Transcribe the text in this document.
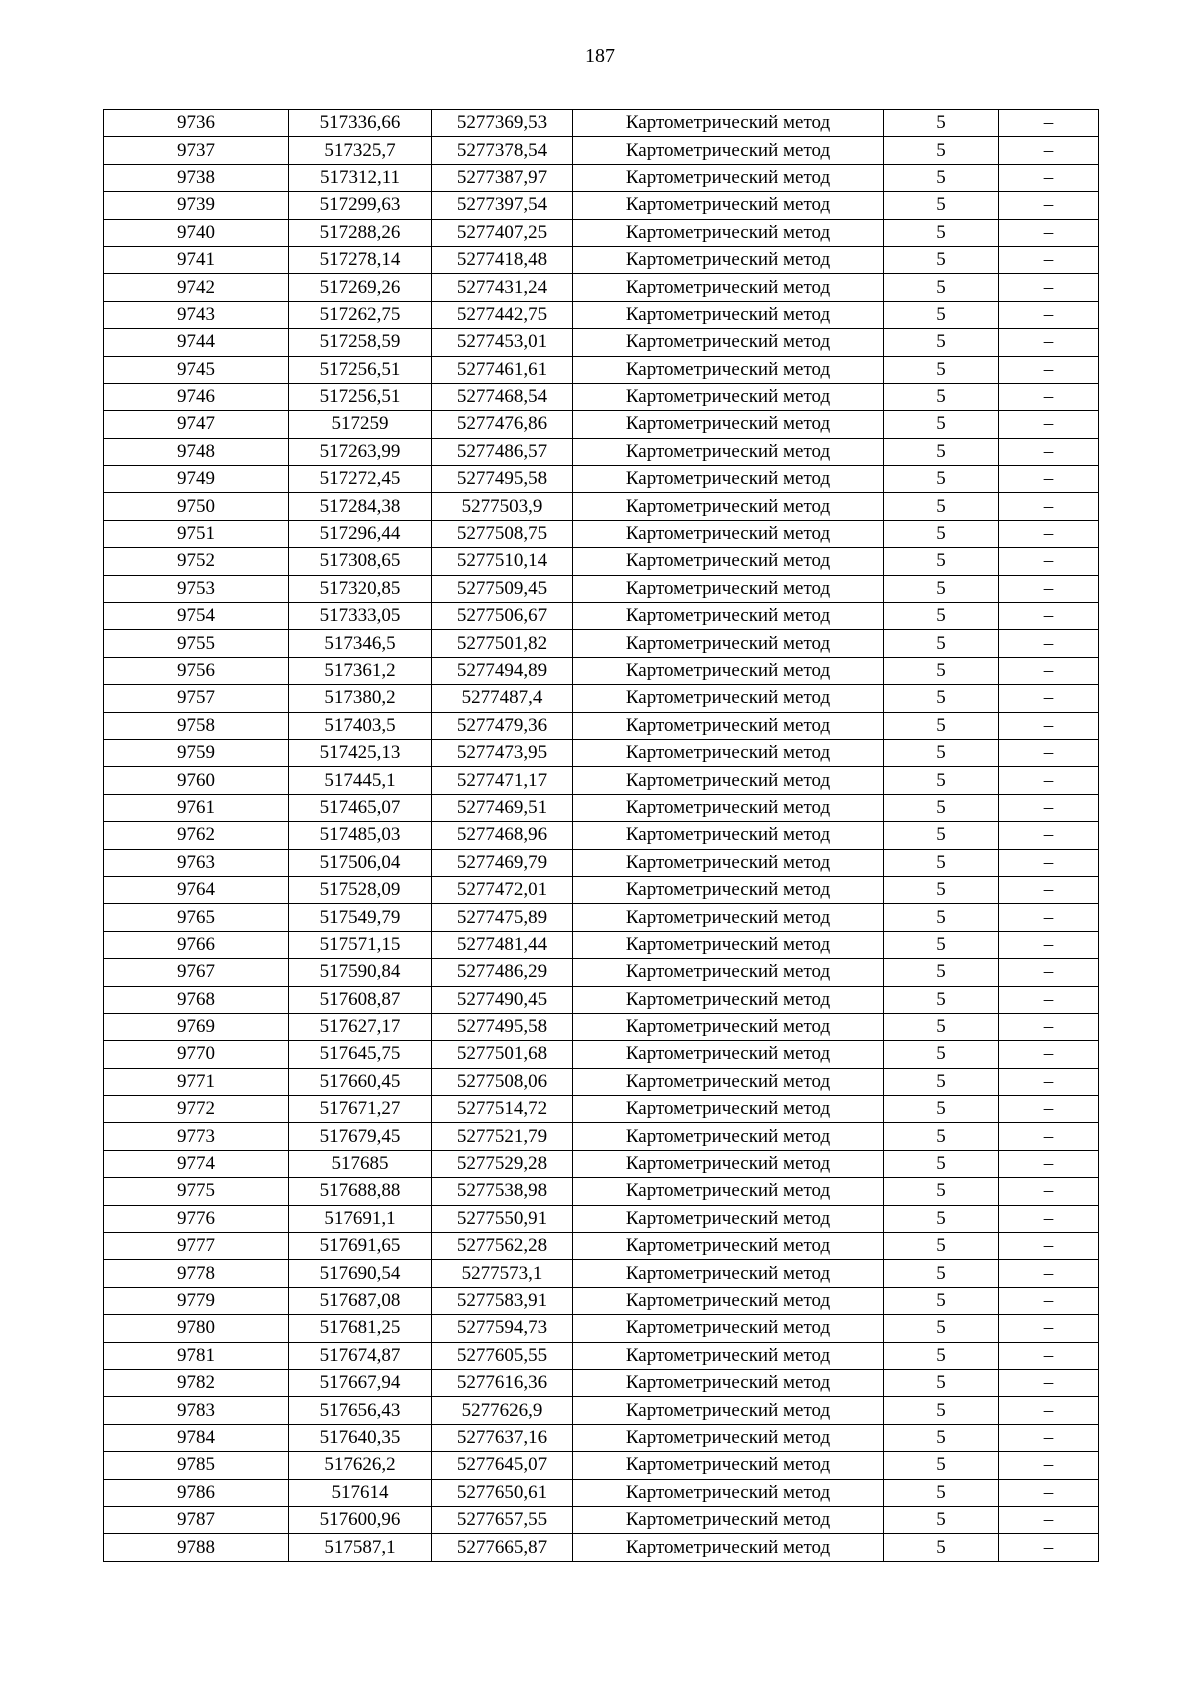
187
9736	517336,66	5277369,53	Картометрический метод	5	–
9737	517325,7	5277378,54	Картометрический метод	5	–
9738	517312,11	5277387,97	Картометрический метод	5	–
9739	517299,63	5277397,54	Картометрический метод	5	–
9740	517288,26	5277407,25	Картометрический метод	5	–
9741	517278,14	5277418,48	Картометрический метод	5	–
9742	517269,26	5277431,24	Картометрический метод	5	–
9743	517262,75	5277442,75	Картометрический метод	5	–
9744	517258,59	5277453,01	Картометрический метод	5	–
9745	517256,51	5277461,61	Картометрический метод	5	–
9746	517256,51	5277468,54	Картометрический метод	5	–
9747	517259	5277476,86	Картометрический метод	5	–
9748	517263,99	5277486,57	Картометрический метод	5	–
9749	517272,45	5277495,58	Картометрический метод	5	–
9750	517284,38	5277503,9	Картометрический метод	5	–
9751	517296,44	5277508,75	Картометрический метод	5	–
9752	517308,65	5277510,14	Картометрический метод	5	–
9753	517320,85	5277509,45	Картометрический метод	5	–
9754	517333,05	5277506,67	Картометрический метод	5	–
9755	517346,5	5277501,82	Картометрический метод	5	–
9756	517361,2	5277494,89	Картометрический метод	5	–
9757	517380,2	5277487,4	Картометрический метод	5	–
9758	517403,5	5277479,36	Картометрический метод	5	–
9759	517425,13	5277473,95	Картометрический метод	5	–
9760	517445,1	5277471,17	Картометрический метод	5	–
9761	517465,07	5277469,51	Картометрический метод	5	–
9762	517485,03	5277468,96	Картометрический метод	5	–
9763	517506,04	5277469,79	Картометрический метод	5	–
9764	517528,09	5277472,01	Картометрический метод	5	–
9765	517549,79	5277475,89	Картометрический метод	5	–
9766	517571,15	5277481,44	Картометрический метод	5	–
9767	517590,84	5277486,29	Картометрический метод	5	–
9768	517608,87	5277490,45	Картометрический метод	5	–
9769	517627,17	5277495,58	Картометрический метод	5	–
9770	517645,75	5277501,68	Картометрический метод	5	–
9771	517660,45	5277508,06	Картометрический метод	5	–
9772	517671,27	5277514,72	Картометрический метод	5	–
9773	517679,45	5277521,79	Картометрический метод	5	–
9774	517685	5277529,28	Картометрический метод	5	–
9775	517688,88	5277538,98	Картометрический метод	5	–
9776	517691,1	5277550,91	Картометрический метод	5	–
9777	517691,65	5277562,28	Картометрический метод	5	–
9778	517690,54	5277573,1	Картометрический метод	5	–
9779	517687,08	5277583,91	Картометрический метод	5	–
9780	517681,25	5277594,73	Картометрический метод	5	–
9781	517674,87	5277605,55	Картометрический метод	5	–
9782	517667,94	5277616,36	Картометрический метод	5	–
9783	517656,43	5277626,9	Картометрический метод	5	–
9784	517640,35	5277637,16	Картометрический метод	5	–
9785	517626,2	5277645,07	Картометрический метод	5	–
9786	517614	5277650,61	Картометрический метод	5	–
9787	517600,96	5277657,55	Картометрический метод	5	–
9788	517587,1	5277665,87	Картометрический метод	5	–
